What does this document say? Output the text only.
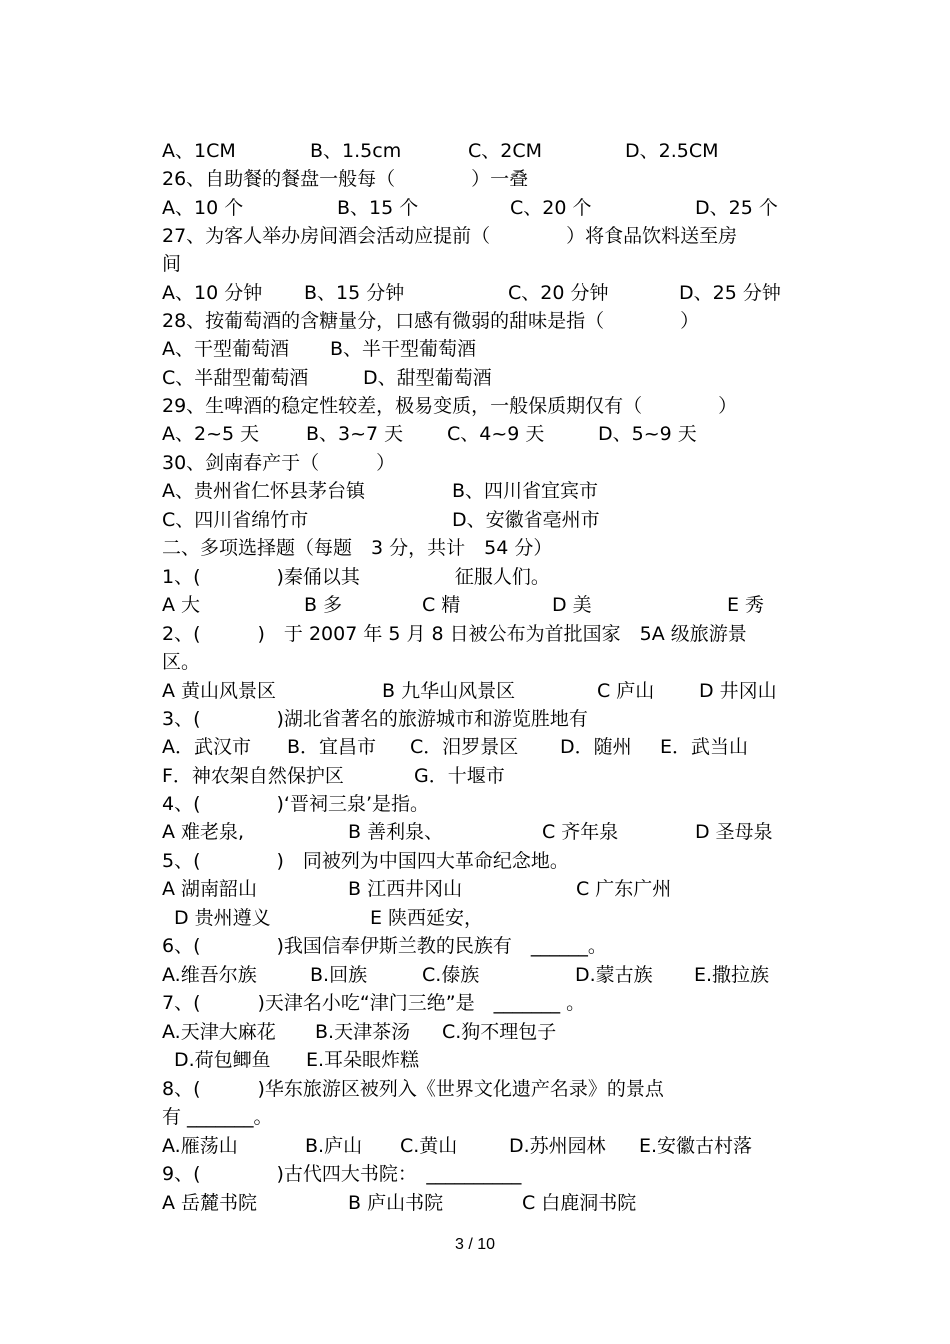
A、1CM	B、1.5cm	C、2CM	D、2.5CM
26、自助餐的餐盘一般每（　　　　）一叠
A、10 个	B、15 个	C、20 个	D、25 个
27、为客人举办房间酒会活动应提前（　　　　）将食品饮料送至房
间
A、10 分钟 B、15 分钟	C、20 分钟	D、25 分钟
28、按葡萄酒的含糖量分，口感有微弱的甜味是指（　　　　）
A、干型葡萄酒 B、半干型葡萄酒
C、半甜型葡萄酒	D、甜型葡萄酒
29、生啤酒的稳定性较差，极易变质，一般保质期仅有（　　　　）
A、2~5 天 B、3~7 天 C、4~9 天	D、5~9 天
30、剑南春产于（　　　）
A、贵州省仁怀县茅台镇	B、四川省宜宾市
C、四川省绵竹市	D、安徽省亳州市
二、多项选择题（每题　3 分，共计　54 分）
1、(　　　　)秦俑以其　　　　　征服人们。
A 大	B 多	C 精	D 美	E 秀
2、(　　　)　于 2007 年 5 月 8 日被公布为首批国家　5A 级旅游景
区。
A 黄山风景区	B 九华山风景区	C 庐山 D 井冈山
3、(　　　　)湖北省著名的旅游城市和游览胜地有
A．武汉市 B．宜昌市 C．汨罗景区 D．随州 E．武当山
F．神农架自然保护区	G．十堰市
4、(　　　　)‘晋祠三泉’是指。
A 难老泉,	B 善利泉、	C 齐年泉	D 圣母泉
5、(　　　　)　同被列为中国四大革命纪念地。
A 湖南韶山	B 江西井冈山	C 广东广州
D 贵州遵义	E 陕西延安，
6、(　　　　)我国信奉伊斯兰教的民族有　______。
A.维吾尔族	B.回族	C.傣族	D.蒙古族 E.撒拉族
7、(　　　)天津名小吃“津门三绝”是　_______ 。
A.天津大麻花 B.天津茶汤 C.狗不理包子
D.荷包鲫鱼 E.耳朵眼炸糕
8、(　　　)华东旅游区被列入《世界文化遗产名录》的景点
有 _______。
A.雁荡山	B.庐山 C.黄山	D.苏州园林 E.安徽古村落
9、(　　　　)古代四大书院：　__________
A 岳麓书院	B 庐山书院	C 白鹿洞书院
3 / 10
